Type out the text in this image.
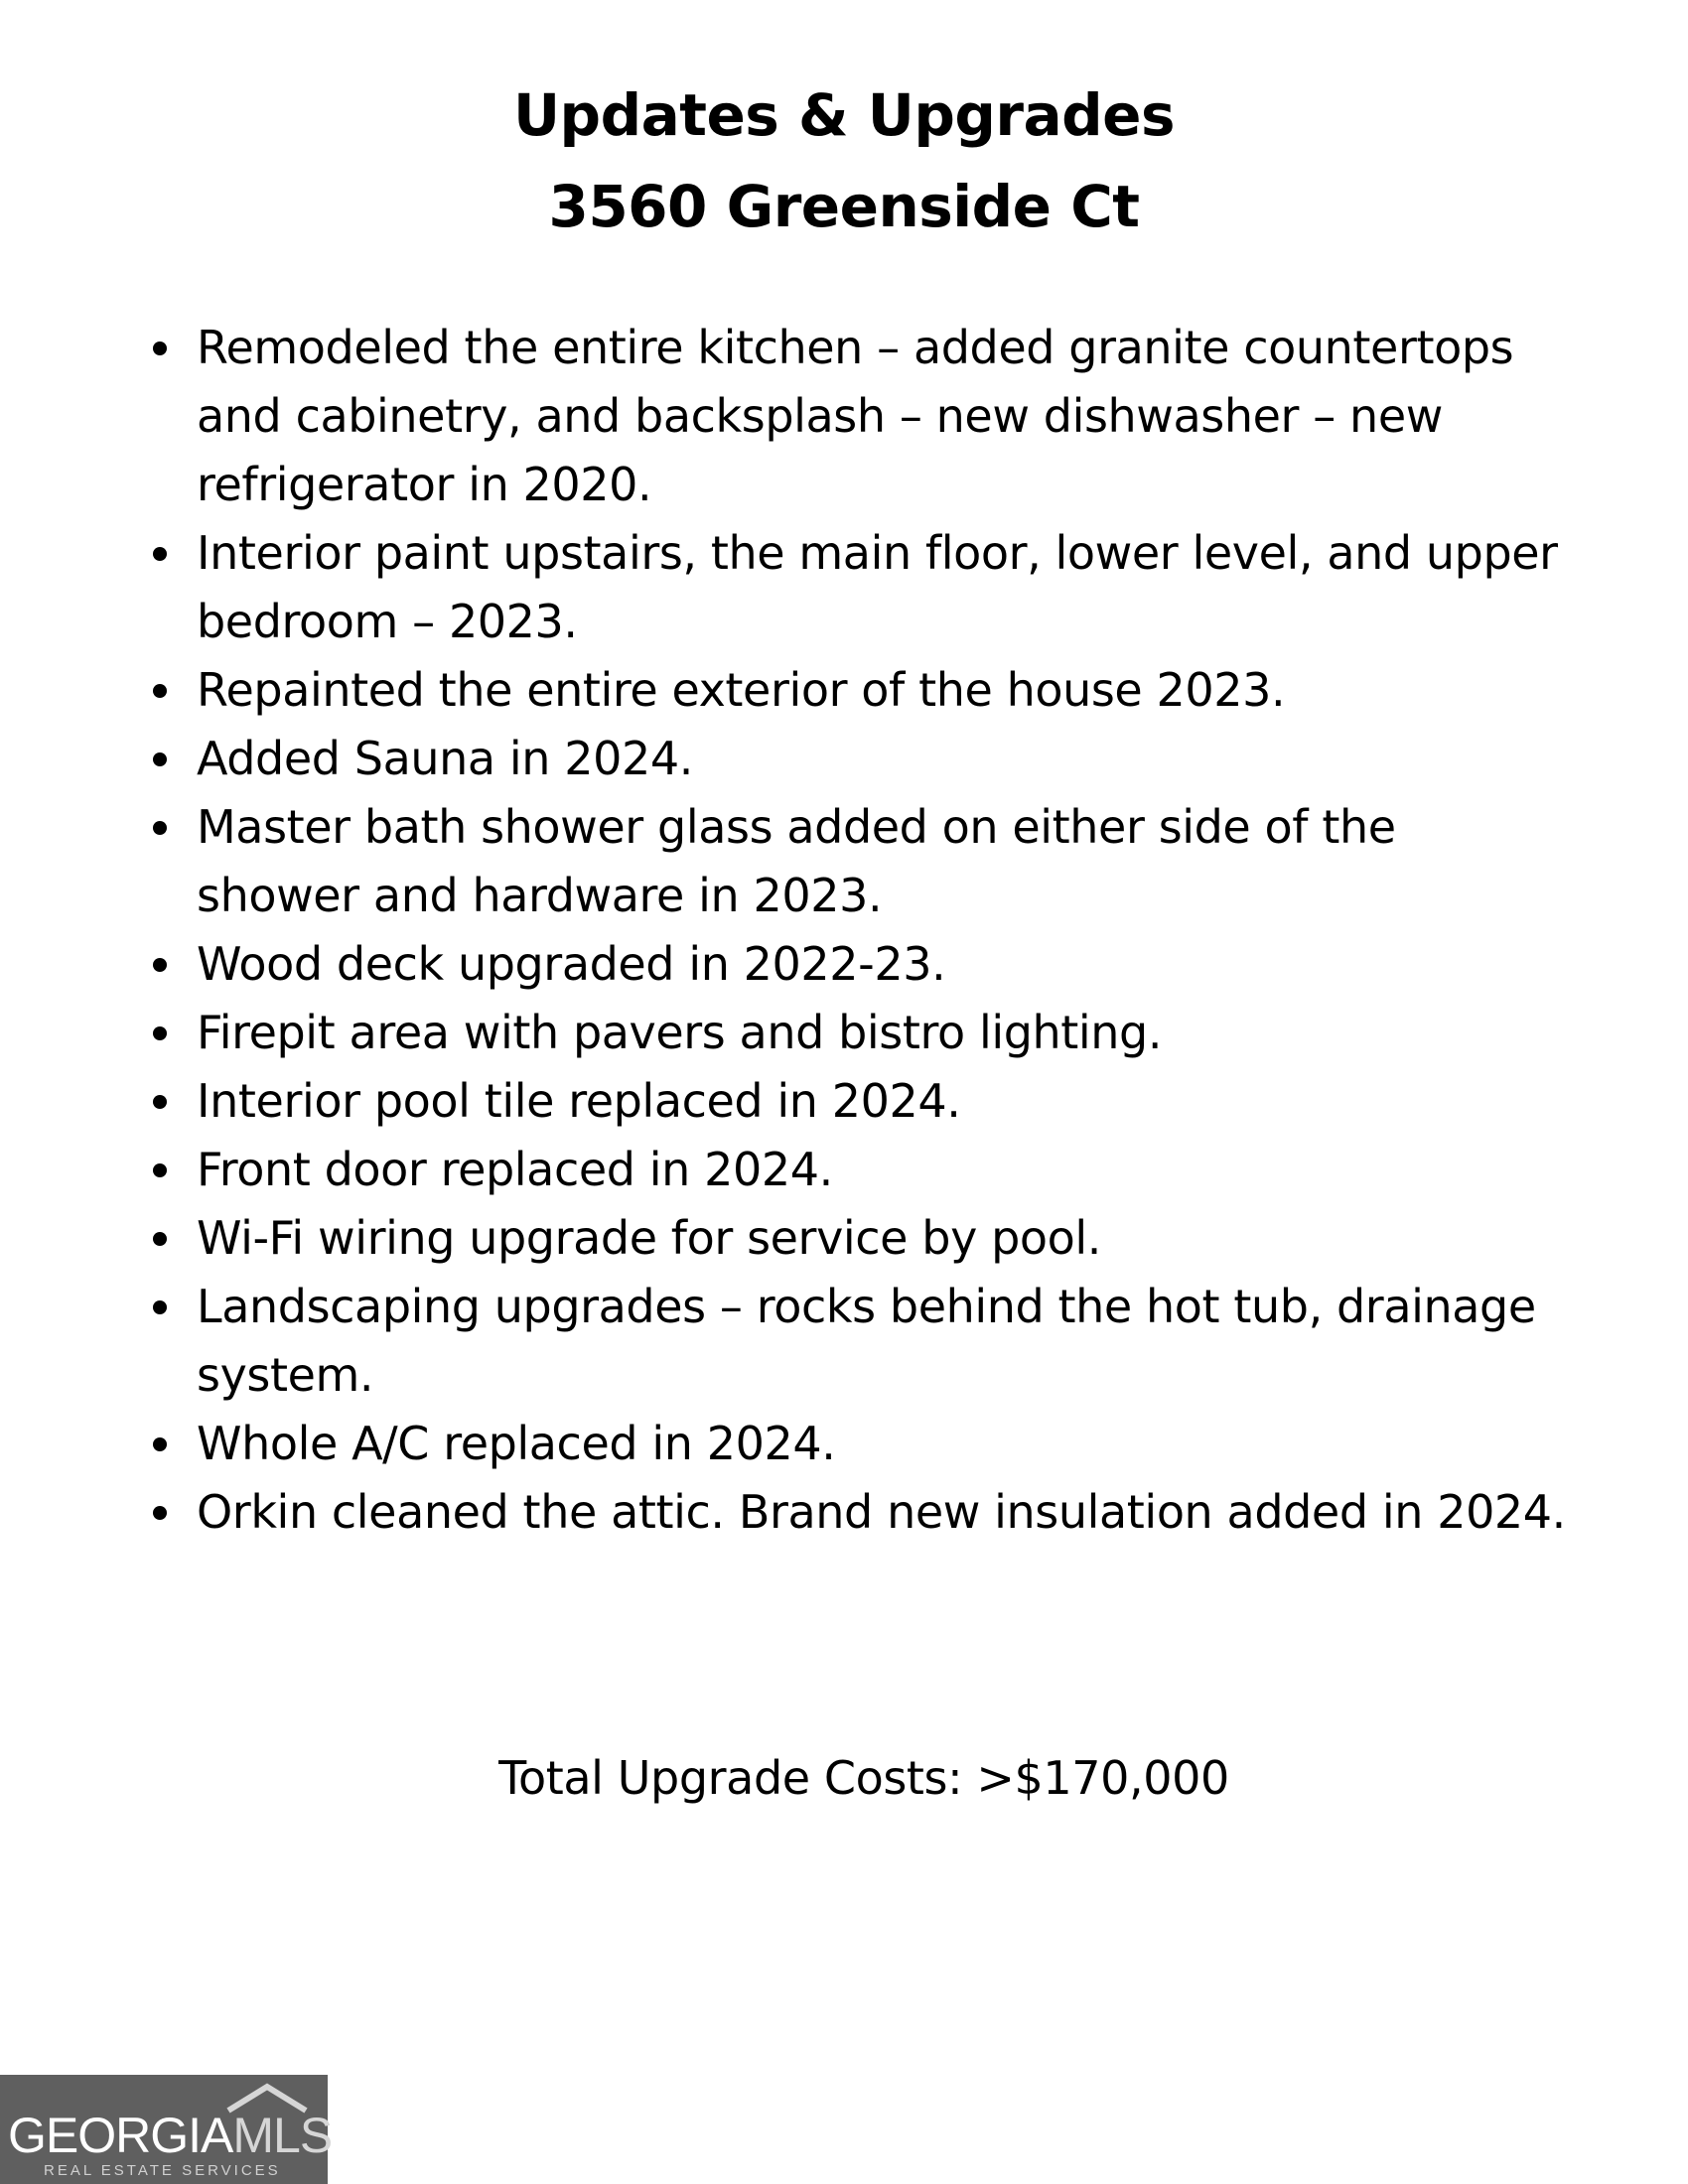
Updates & Upgrades
3560 Greenside Ct
Remodeled the entire kitchen – added granite countertops and cabinetry, and backsplash – new dishwasher – new refrigerator in 2020.
Interior paint upstairs, the main floor, lower level, and upper bedroom – 2023.
Repainted the entire exterior of the house 2023.
Added Sauna in 2024.
Master bath shower glass added on either side of the shower and hardware in 2023.
Wood deck upgraded in 2022-23.
Firepit area with pavers and bistro lighting.
Interior pool tile replaced in 2024.
Front door replaced in 2024.
Wi-Fi wiring upgrade for service by pool.
Landscaping upgrades – rocks behind the hot tub, drainage system.
Whole A/C replaced in 2024.
Orkin cleaned the attic. Brand new insulation added in 2024.
Total Upgrade Costs: >$170,000
GEORGIAMLS
REAL ESTATE SERVICES
